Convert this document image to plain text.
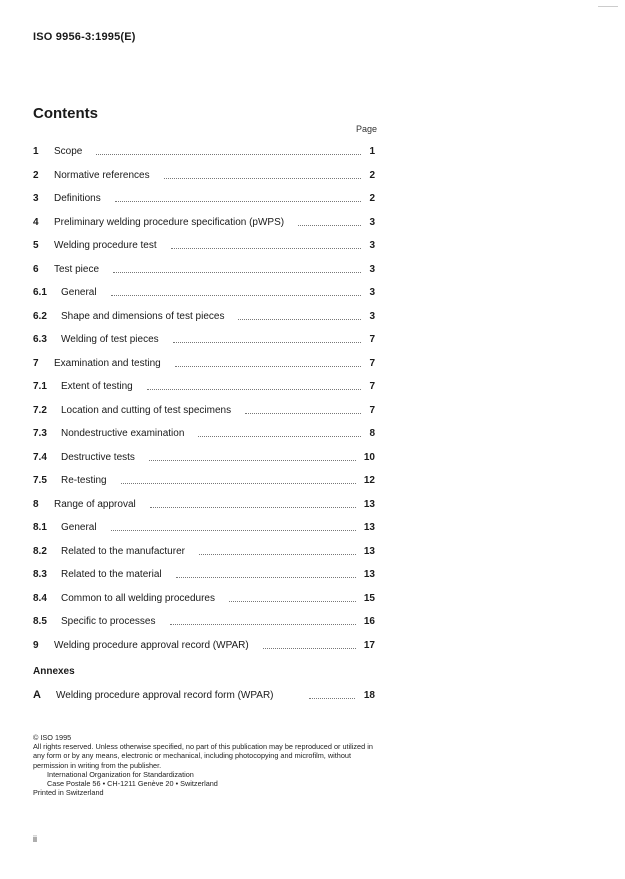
ISO 9956-3:1995(E)
Contents
Page
1 Scope	1
2 Normative references	2
3 Definitions	2
4 Preliminary welding procedure specification (pWPS)	3
5 Welding procedure test	3
6 Test piece	3
6.1 General	3
6.2 Shape and dimensions of test pieces	3
6.3 Welding of test pieces	7
7 Examination and testing	7
7.1 Extent of testing	7
7.2 Location and cutting of test specimens	7
7.3 Nondestructive examination	8
7.4 Destructive tests	10
7.5 Re-testing	12
8 Range of approval	13
8.1 General	13
8.2 Related to the manufacturer	13
8.3 Related to the material	13
8.4 Common to all welding procedures	15
8.5 Specific to processes	16
9 Welding procedure approval record (WPAR)	17
Annexes
A Welding procedure approval record form (WPAR)	18
© ISO 1995
All rights reserved. Unless otherwise specified, no part of this publication may be reproduced or utilized in any form or by any means, electronic or mechanical, including photocopying and microfilm, without permission in writing from the publisher.
International Organization for Standardization
Case Postale 56 • CH-1211 Genève 20 • Switzerland
Printed in Switzerland
ii
